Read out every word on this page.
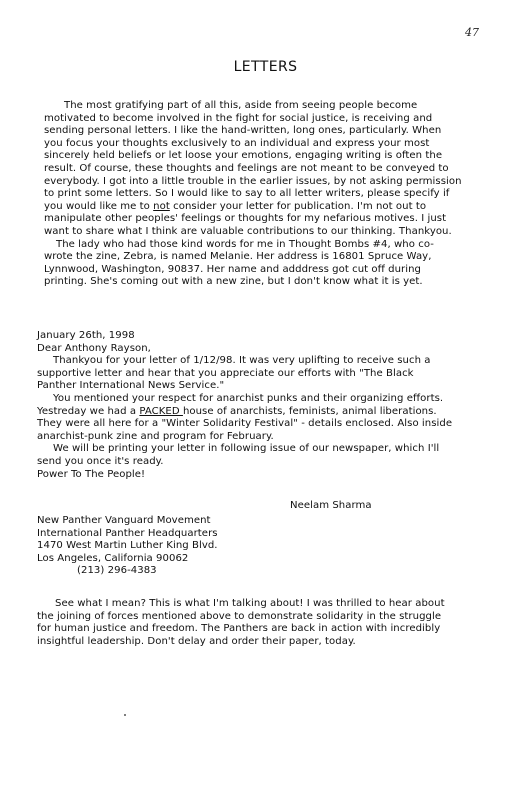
47
LETTERS
The most gratifying part of all this, aside from seeing people become
motivated to become involved in the fight for social justice, is receiving and
sending personal letters. I like the hand-written, long ones, particularly. When
you focus your thoughts exclusively to an individual and express your most
sincerely held beliefs or let loose your emotions, engaging writing is often the
result. Of course, these thoughts and feelings are not meant to be conveyed to
everybody. I got into a little trouble in the earlier issues, by not asking permission
to print some letters. So I would like to say to all letter writers, please specify if
you would like me to not consider your letter for publication. I'm not out to
manipulate other peoples' feelings or thoughts for my nefarious motives. I just
want to share what I think are valuable contributions to our thinking. Thankyou.
The lady who had those kind words for me in Thought Bombs #4, who co-
wrote the zine, Zebra, is named Melanie. Her address is 16801 Spruce Way,
Lynnwood, Washington, 90837. Her name and adddress got cut off during
printing. She's coming out with a new zine, but I don't know what it is yet.
January 26th, 1998
Dear Anthony Rayson,
Thankyou for your letter of 1/12/98. It was very uplifting to receive such a
supportive letter and hear that you appreciate our efforts with "The Black
Panther International News Service."
You mentioned your respect for anarchist punks and their organizing efforts.
Yestreday we had a PACKED house of anarchists, feminists, animal liberations.
They were all here for a "Winter Solidarity Festival" - details enclosed. Also inside
anarchist-punk zine and program for February.
We will be printing your letter in following issue of our newspaper, which I'll
send you once it's ready.
Power To The People!
Neelam Sharma
New Panther Vanguard Movement
International Panther Headquarters
1470 West Martin Luther King Blvd.
Los Angeles, California 90062
(213) 296-4383
See what I mean? This is what I'm talking about! I was thrilled to hear about
the joining of forces mentioned above to demonstrate solidarity in the struggle
for human justice and freedom. The Panthers are back in action with incredibly
insightful leadership. Don't delay and order their paper, today.
